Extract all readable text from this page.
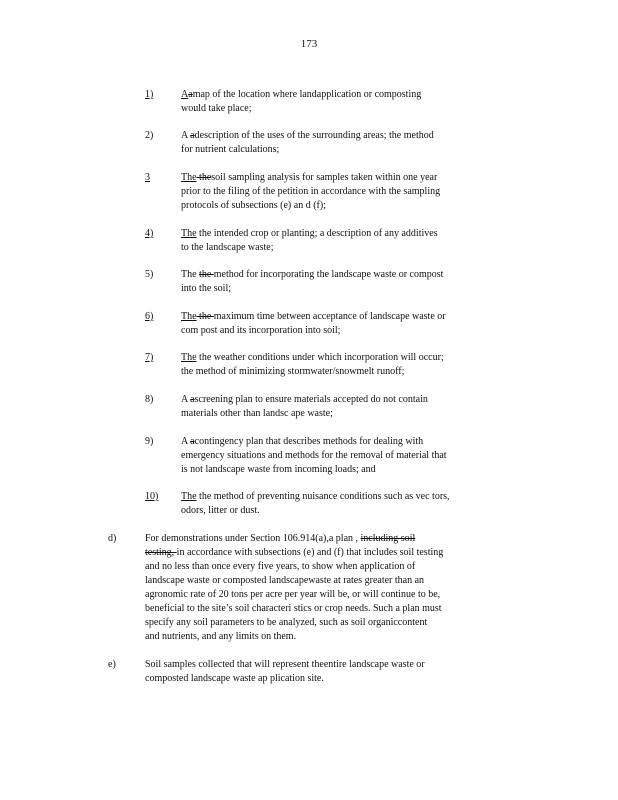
173
1)	Aamap of the location where landapplication or composting
would take place;
2)	A adescription of the uses of the surrounding areas; the method
for nutrient calculations;
3	The thesoil sampling analysis for samples taken within one year
prior to the filing of the petition in accordance with the sampling
protocols of subsections (e) an d (f);
4)	The the intended crop or planting; a description of any additives
to the landscape waste;
5)	The the method for incorporating the landscape waste or compost
into the soil;
6)	The the maximum time between acceptance of landscape waste or
com post and its incorporation into soil;
7)	The the weather conditions under which incorporation will occur;
the method of minimizing stormwater/snowmelt runoff;
8)	A ascreening plan to ensure materials accepted do not contain
materials other than landsc ape waste;
9)	A acontingency plan that describes methods for dealing with
emergency situations and methods for the removal of material that
is not landscape waste from incoming loads; and
10)	The the method of preventing nuisance conditions such as vec tors,
odors, litter or dust.
d)	For demonstrations under Section 106.914(a),a plan , including soil
testing, in accordance with subsections (e) and (f) that includes soil testing
and no less than once every five years, to show when application of
landscape waste or composted landscapewaste at rates greater than an
agronomic rate of 20 tons per acre per year will be, or will continue to be,
beneficial to the site’s soil characteri stics or crop needs. Such a plan must
specify any soil parameters to be analyzed, such as soil organiccontent
and nutrients, and any limits on them.
e)	Soil samples collected that will represent theentire landscape waste or
composted landscape waste ap plication site.
